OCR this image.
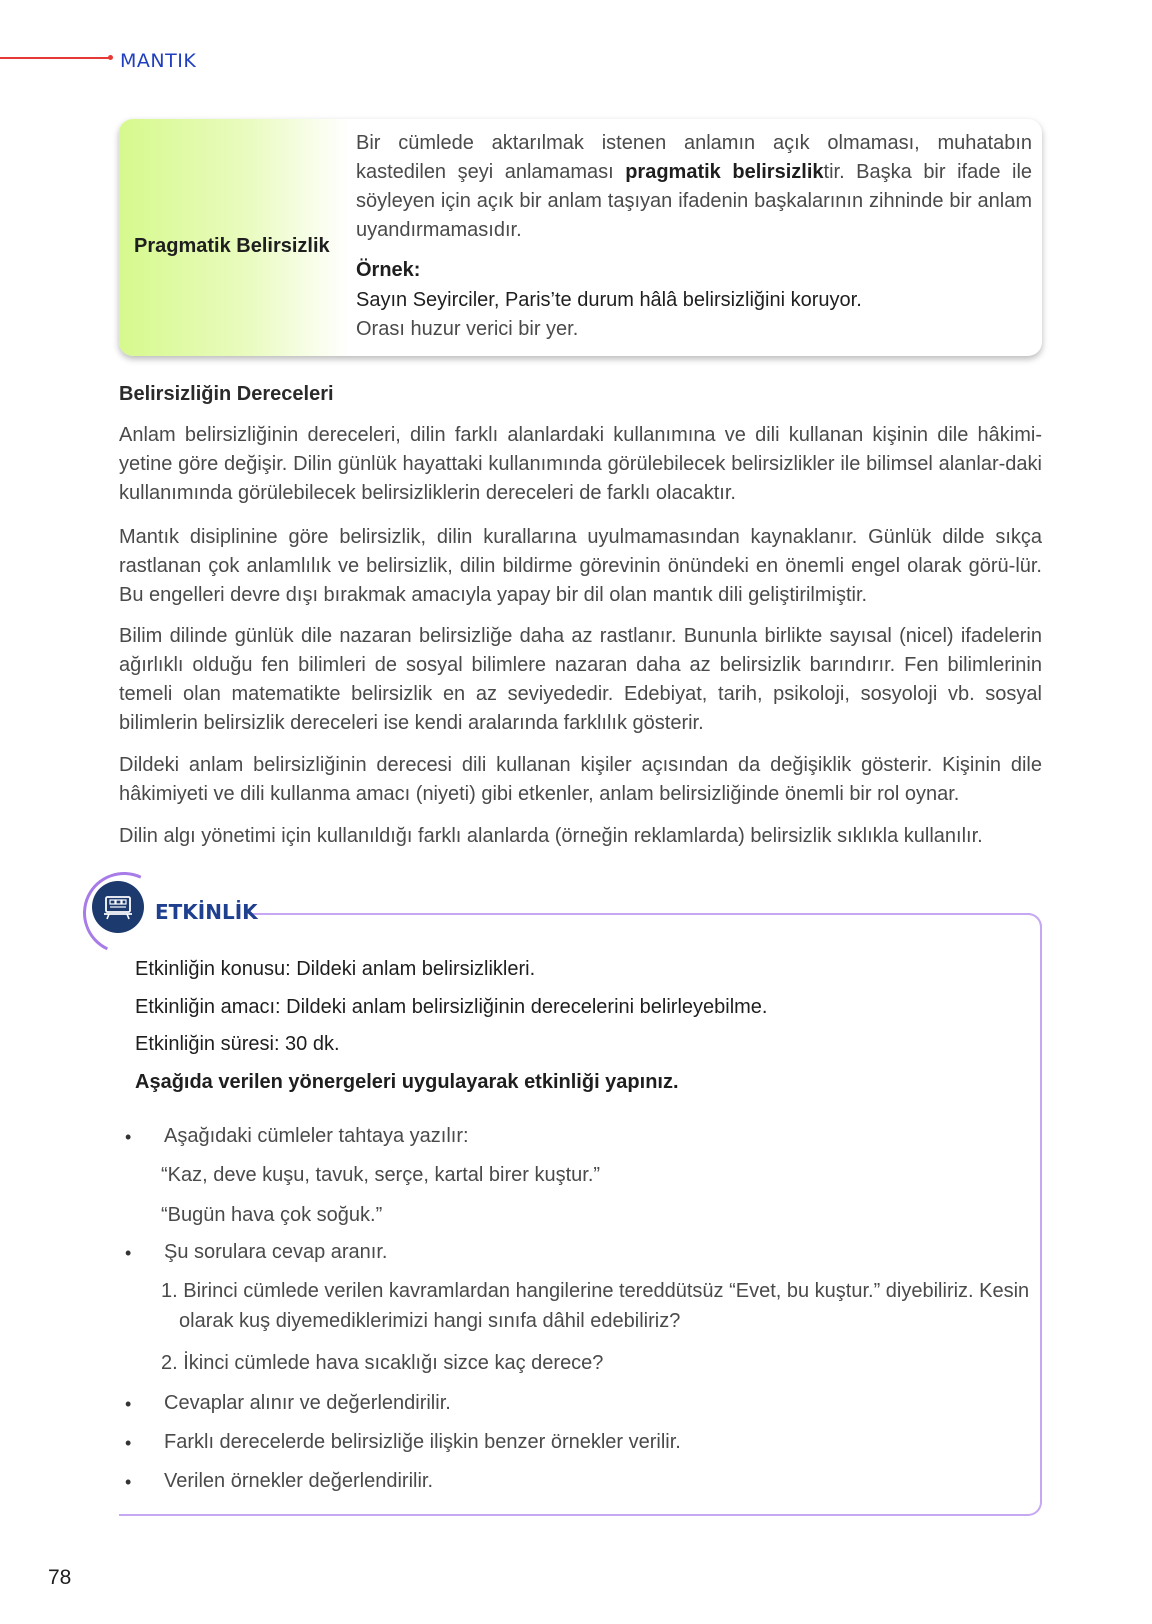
MANTIK
Pragmatik Belirsizlik
Bir cümlede aktarılmak istenen anlamın açık olmaması, muhatabın kastedilen şeyi anlamaması pragmatik belirsizliktir. Başka bir ifade ile söyleyen için açık bir anlam taşıyan ifadenin başkalarının zihninde bir anlam uyandırmamasıdır.
Örnek:
Sayın Seyirciler, Paris’te durum hâlâ belirsizliğini koruyor.
Orası huzur verici bir yer.
Belirsizliğin Dereceleri
Anlam belirsizliğinin dereceleri, dilin farklı alanlardaki kullanımına ve dili kullanan kişinin dile hâkimi-yetine göre değişir. Dilin günlük hayattaki kullanımında görülebilecek belirsizlikler ile bilimsel alanlar-daki kullanımında görülebilecek belirsizliklerin dereceleri de farklı olacaktır.
Mantık disiplinine göre belirsizlik, dilin kurallarına uyulmamasından kaynaklanır. Günlük dilde sıkça rastlanan çok anlamlılık ve belirsizlik, dilin bildirme görevinin önündeki en önemli engel olarak görü-lür. Bu engelleri devre dışı bırakmak amacıyla yapay bir dil olan mantık dili geliştirilmiştir.
Bilim dilinde günlük dile nazaran belirsizliğe daha az rastlanır. Bununla birlikte sayısal (nicel) ifadelerin ağırlıklı olduğu fen bilimleri de sosyal bilimlere nazaran daha az belirsizlik barındırır. Fen bilimlerinin temeli olan matematikte belirsizlik en az seviyededir. Edebiyat, tarih, psikoloji, sosyoloji vb. sosyal bilimlerin belirsizlik dereceleri ise kendi aralarında farklılık gösterir.
Dildeki anlam belirsizliğinin derecesi dili kullanan kişiler açısından da değişiklik gösterir. Kişinin dile hâkimiyeti ve dili kullanma amacı (niyeti) gibi etkenler, anlam belirsizliğinde önemli bir rol oynar.
Dilin algı yönetimi için kullanıldığı farklı alanlarda (örneğin reklamlarda) belirsizlik sıklıkla kullanılır.
ETKİNLİK
Etkinliğin konusu: Dildeki anlam belirsizlikleri.
Etkinliğin amacı: Dildeki anlam belirsizliğinin derecelerini belirleyebilme.
Etkinliğin süresi: 30 dk.
Aşağıda verilen yönergeleri uygulayarak etkinliği yapınız.
• Aşağıdaki cümleler tahtaya yazılır:
“Kaz, deve kuşu, tavuk, serçe, kartal birer kuştur.”
“Bugün hava çok soğuk.”
• Şu sorulara cevap aranır.
1. Birinci cümlede verilen kavramlardan hangilerine tereddütsüz “Evet, bu kuştur.” diyebiliriz. Kesin olarak kuş diyemediklerimizi hangi sınıfa dâhil edebiliriz?
2. İkinci cümlede hava sıcaklığı sizce kaç derece?
• Cevaplar alınır ve değerlendirilir.
• Farklı derecelerde belirsizliğe ilişkin benzer örnekler verilir.
• Verilen örnekler değerlendirilir.
78
